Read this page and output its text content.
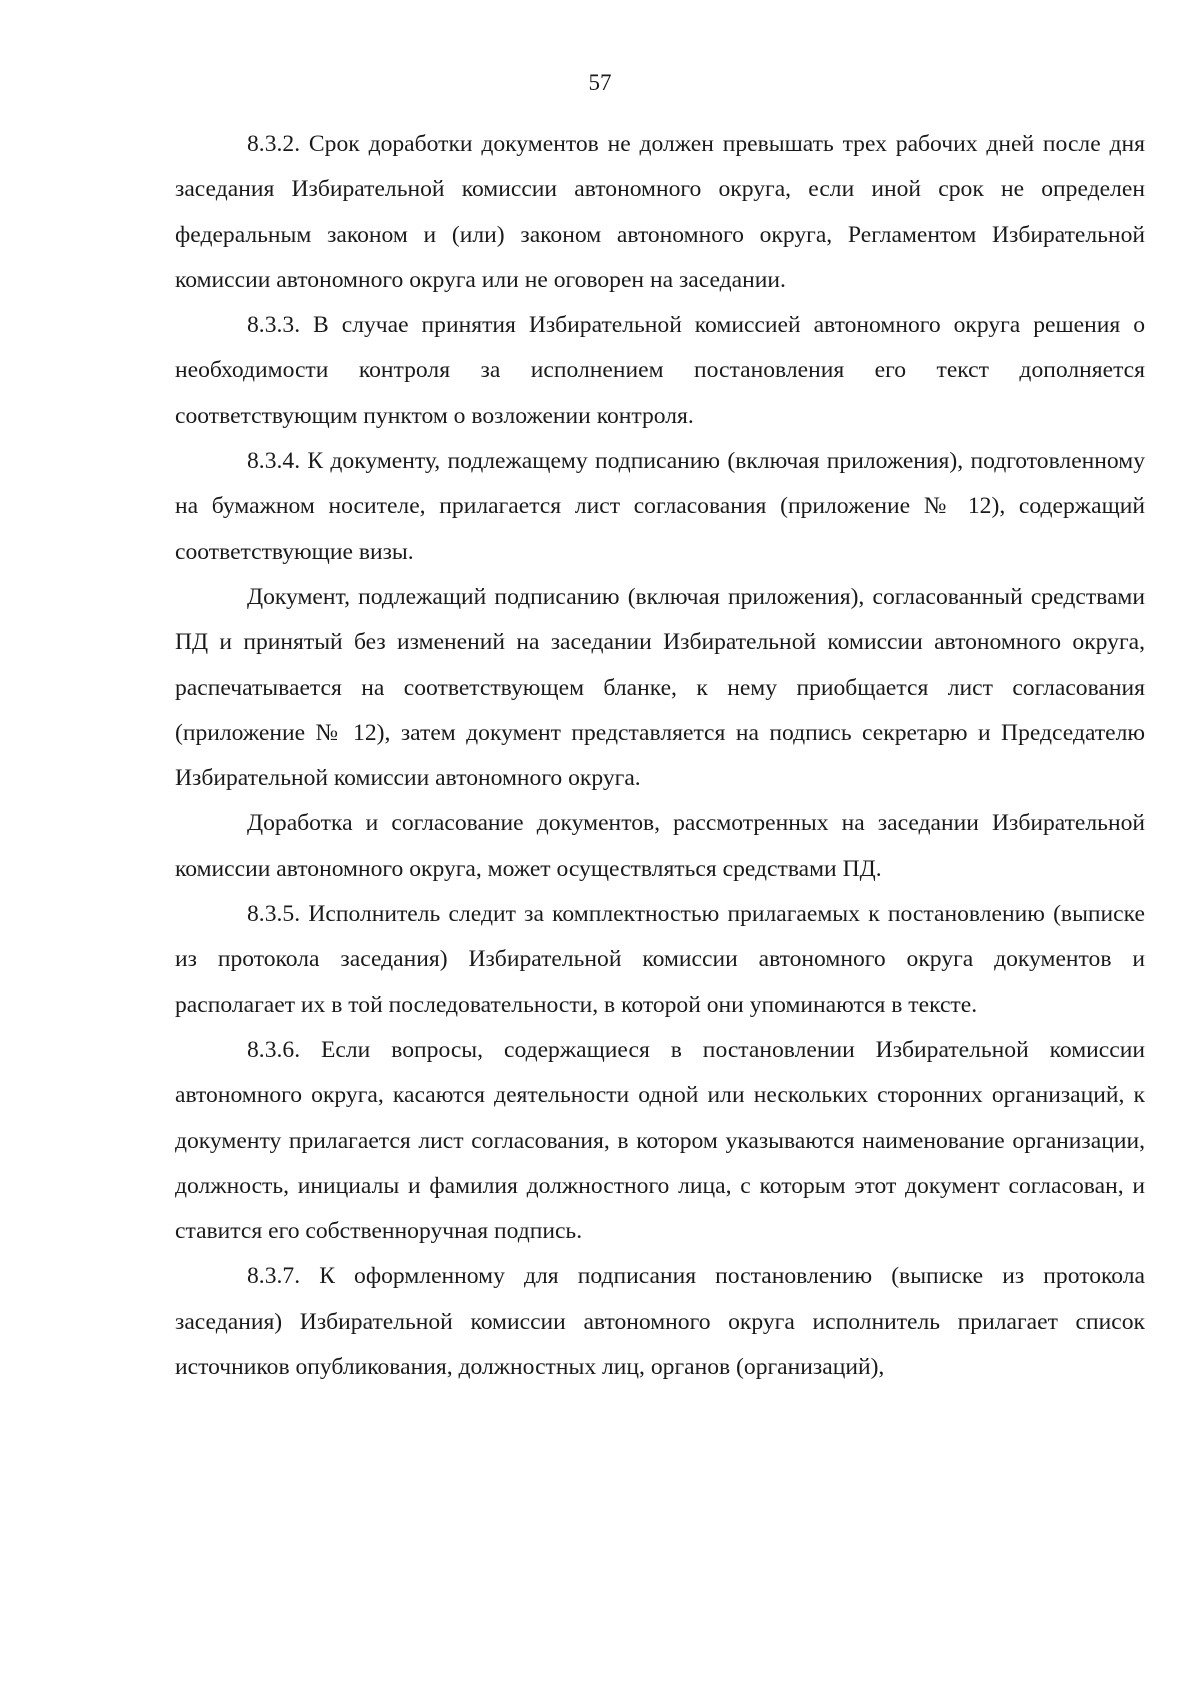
57

8.3.2. Срок доработки документов не должен превышать трех рабочих дней после дня заседания Избирательной комиссии автономного округа, если иной срок не определен федеральным законом и (или) законом автономного округа, Регламентом Избирательной комиссии автономного округа или не оговорен на заседании.

8.3.3. В случае принятия Избирательной комиссией автономного округа решения о необходимости контроля за исполнением постановления его текст дополняется соответствующим пунктом о возложении контроля.

8.3.4. К документу, подлежащему подписанию (включая приложения), подготовленному на бумажном носителе, прилагается лист согласования (приложение № 12), содержащий соответствующие визы.

Документ, подлежащий подписанию (включая приложения), согласованный средствами ПД и принятый без изменений на заседании Избирательной комиссии автономного округа, распечатывается на соответствующем бланке, к нему приобщается лист согласования (приложение № 12), затем документ представляется на подпись секретарю и Председателю Избирательной комиссии автономного округа.

Доработка и согласование документов, рассмотренных на заседании Избирательной комиссии автономного округа, может осуществляться средствами ПД.

8.3.5. Исполнитель следит за комплектностью прилагаемых к постановлению (выписке из протокола заседания) Избирательной комиссии автономного округа документов и располагает их в той последовательности, в которой они упоминаются в тексте.

8.3.6. Если вопросы, содержащиеся в постановлении Избирательной комиссии автономного округа, касаются деятельности одной или нескольких сторонних организаций, к документу прилагается лист согласования, в котором указываются наименование организации, должность, инициалы и фамилия должностного лица, с которым этот документ согласован, и ставится его собственноручная подпись.

8.3.7. К оформленному для подписания постановлению (выписке из протокола заседания) Избирательной комиссии автономного округа исполнитель прилагает список источников опубликования, должностных лиц, органов (организаций),
